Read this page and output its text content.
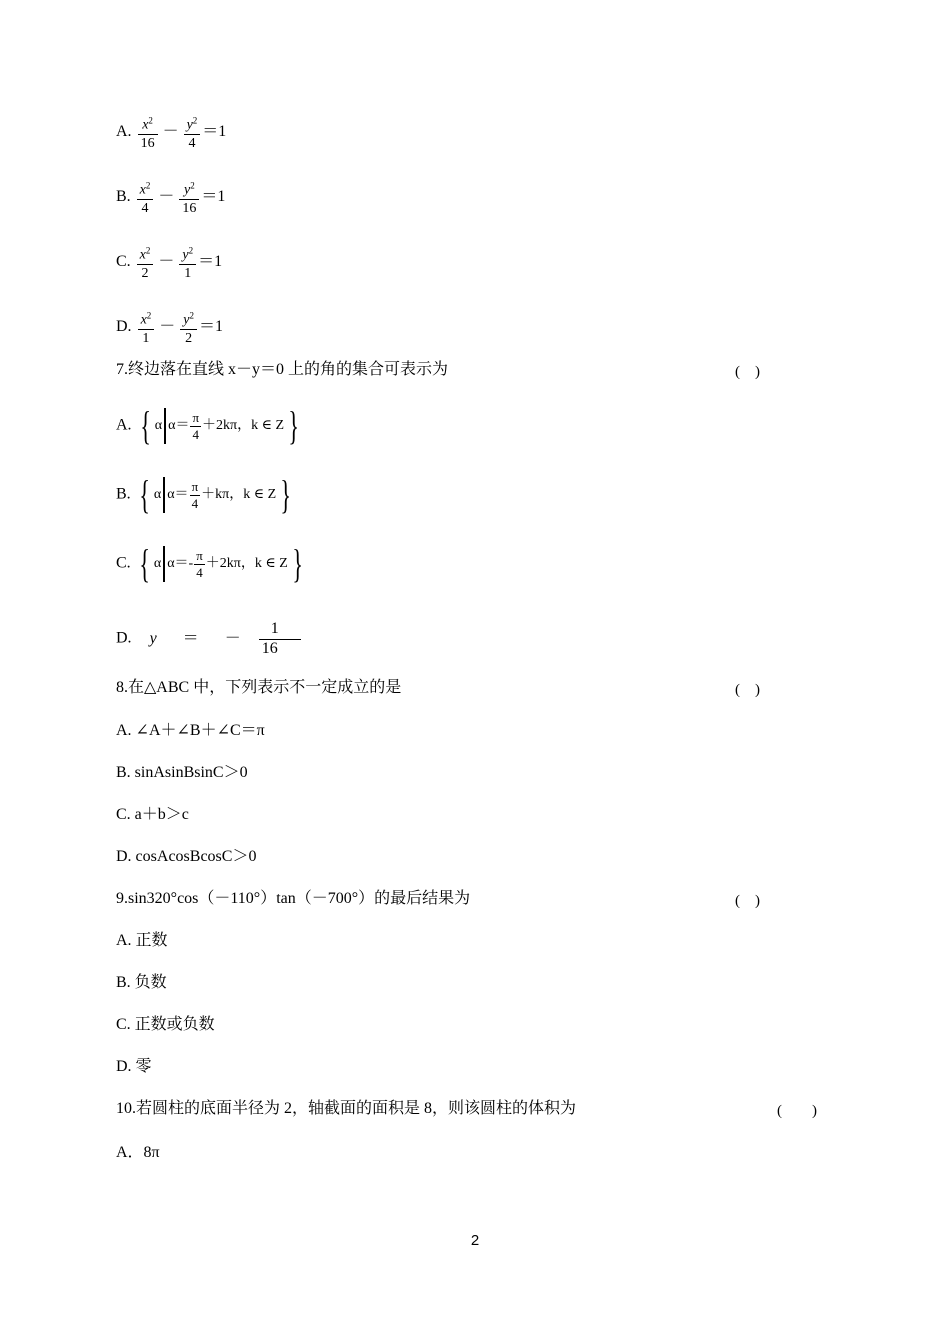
A. $\frac{x^2}{16} - \frac{y^2}{4} =1$
B. $\frac{x^2}{4} - \frac{y^2}{16} =1$
C. $\frac{x^2}{2} - \frac{y^2}{1} =1$
D. $\frac{x^2}{1} - \frac{y^2}{2} =1$
7.终边落在直线 x－y＝0 上的角的集合可表示为	(　)
A. { α α＝
π
4
＋2kπ，k ∈ Z }
B. { α α＝
π
4
＋kπ，k ∈ Z }
C. { α α＝-
π
4
＋2kπ，k ∈ Z }
D. y ＝ － $\frac{1}{16}$
8.在△ABC 中，下列表示不一定成立的是	(　)
A. ∠A＋∠B＋∠C＝π
B. sinAsinBsinC＞0
C. a＋b＞c
D. cosAcosBcosC＞0
9.sin320°cos（－110°）tan（－700°）的最后结果为	(　)
A. 正数
B. 负数
C. 正数或负数
D. 零
10.若圆柱的底面半径为 2，轴截面的面积是 8，则该圆柱的体积为	(　　)
A．8π
2
